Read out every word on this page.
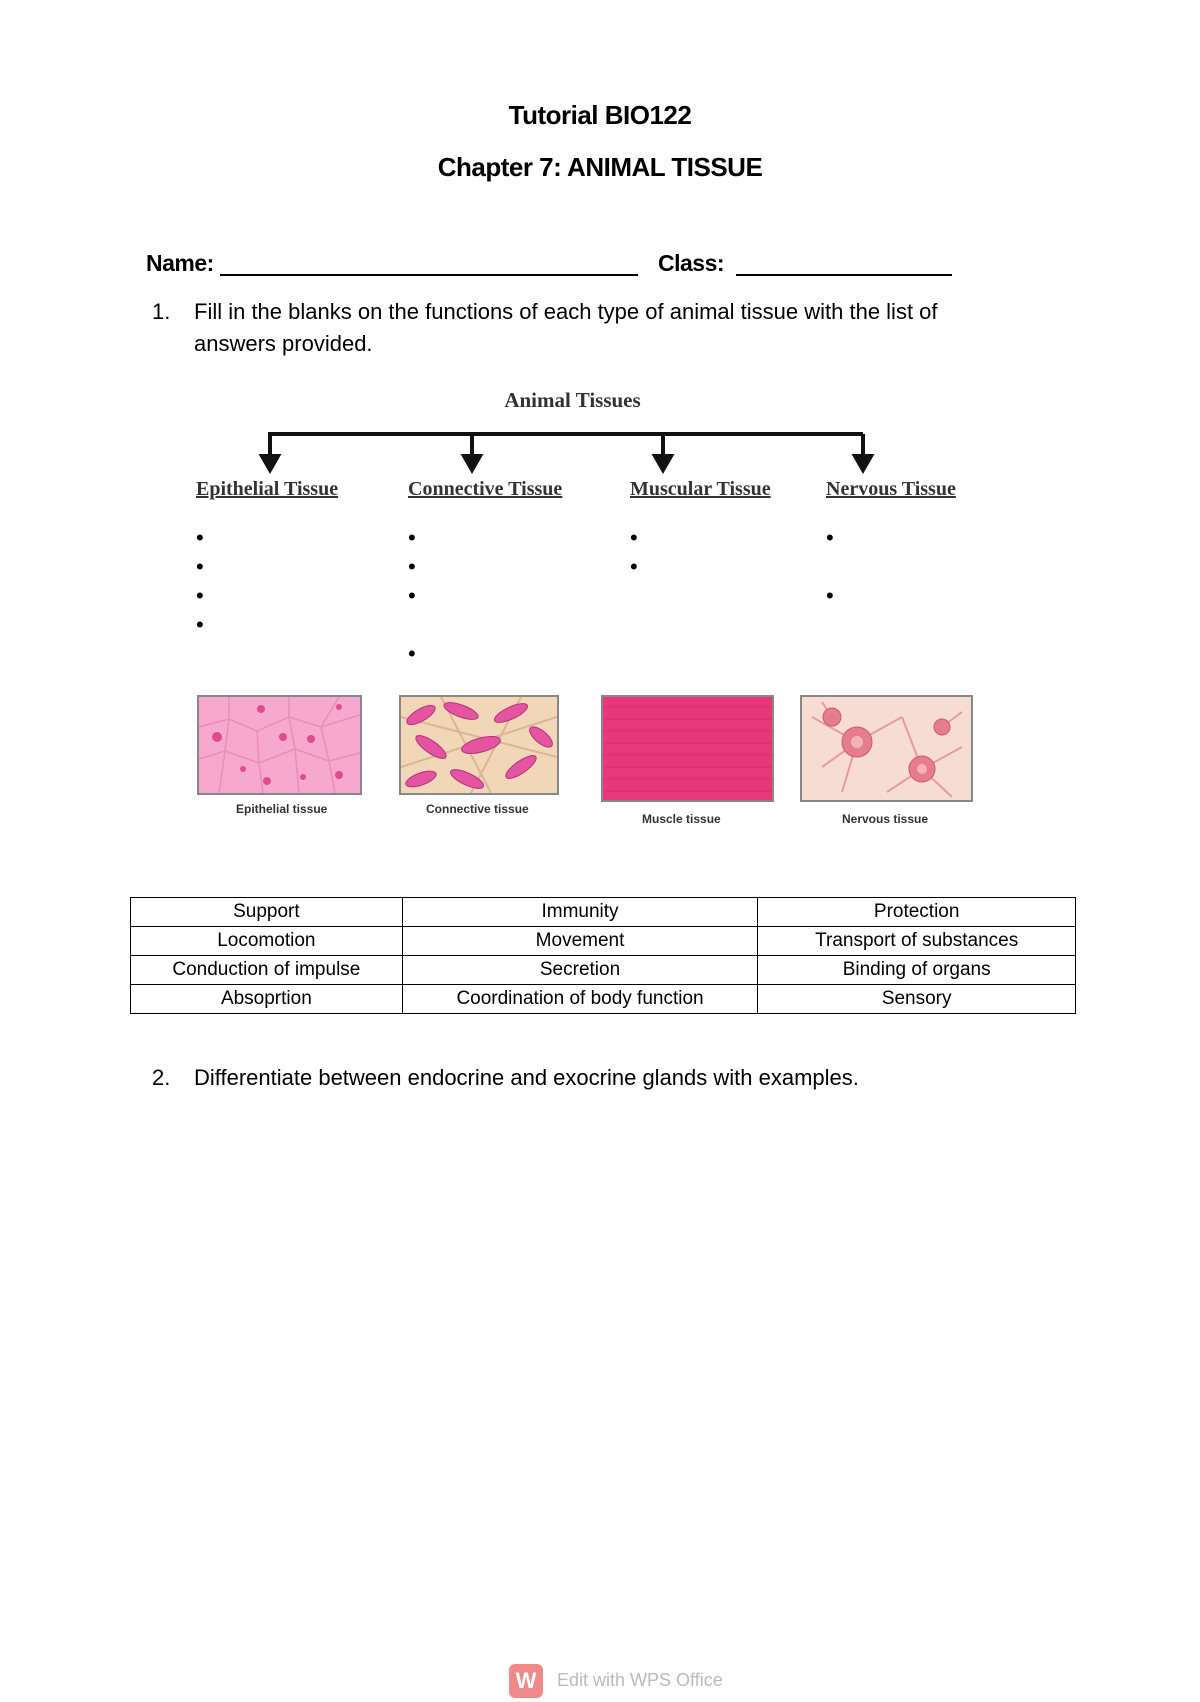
Tutorial BIO122
Chapter 7: ANIMAL TISSUE
Name:	Class:
1. Fill in the blanks on the functions of each type of animal tissue with the list of
answers provided.
Animal Tissues
Epithelial Tissue	Connective Tissue	Muscular Tissue	Nervous Tissue
•
•
•
•
•
•
•
•
•
•
•
•
Epithelial tissue	Connective tissue
Muscle tissue	Nervous tissue
Support	Immunity	Protection
Locomotion	Movement	Transport of substances
Conduction of impulse	Secretion	Binding of organs
Absoprtion	Coordination of body function	Sensory
2. Differentiate between endocrine and exocrine glands with examples.
W	Edit with WPS Office
